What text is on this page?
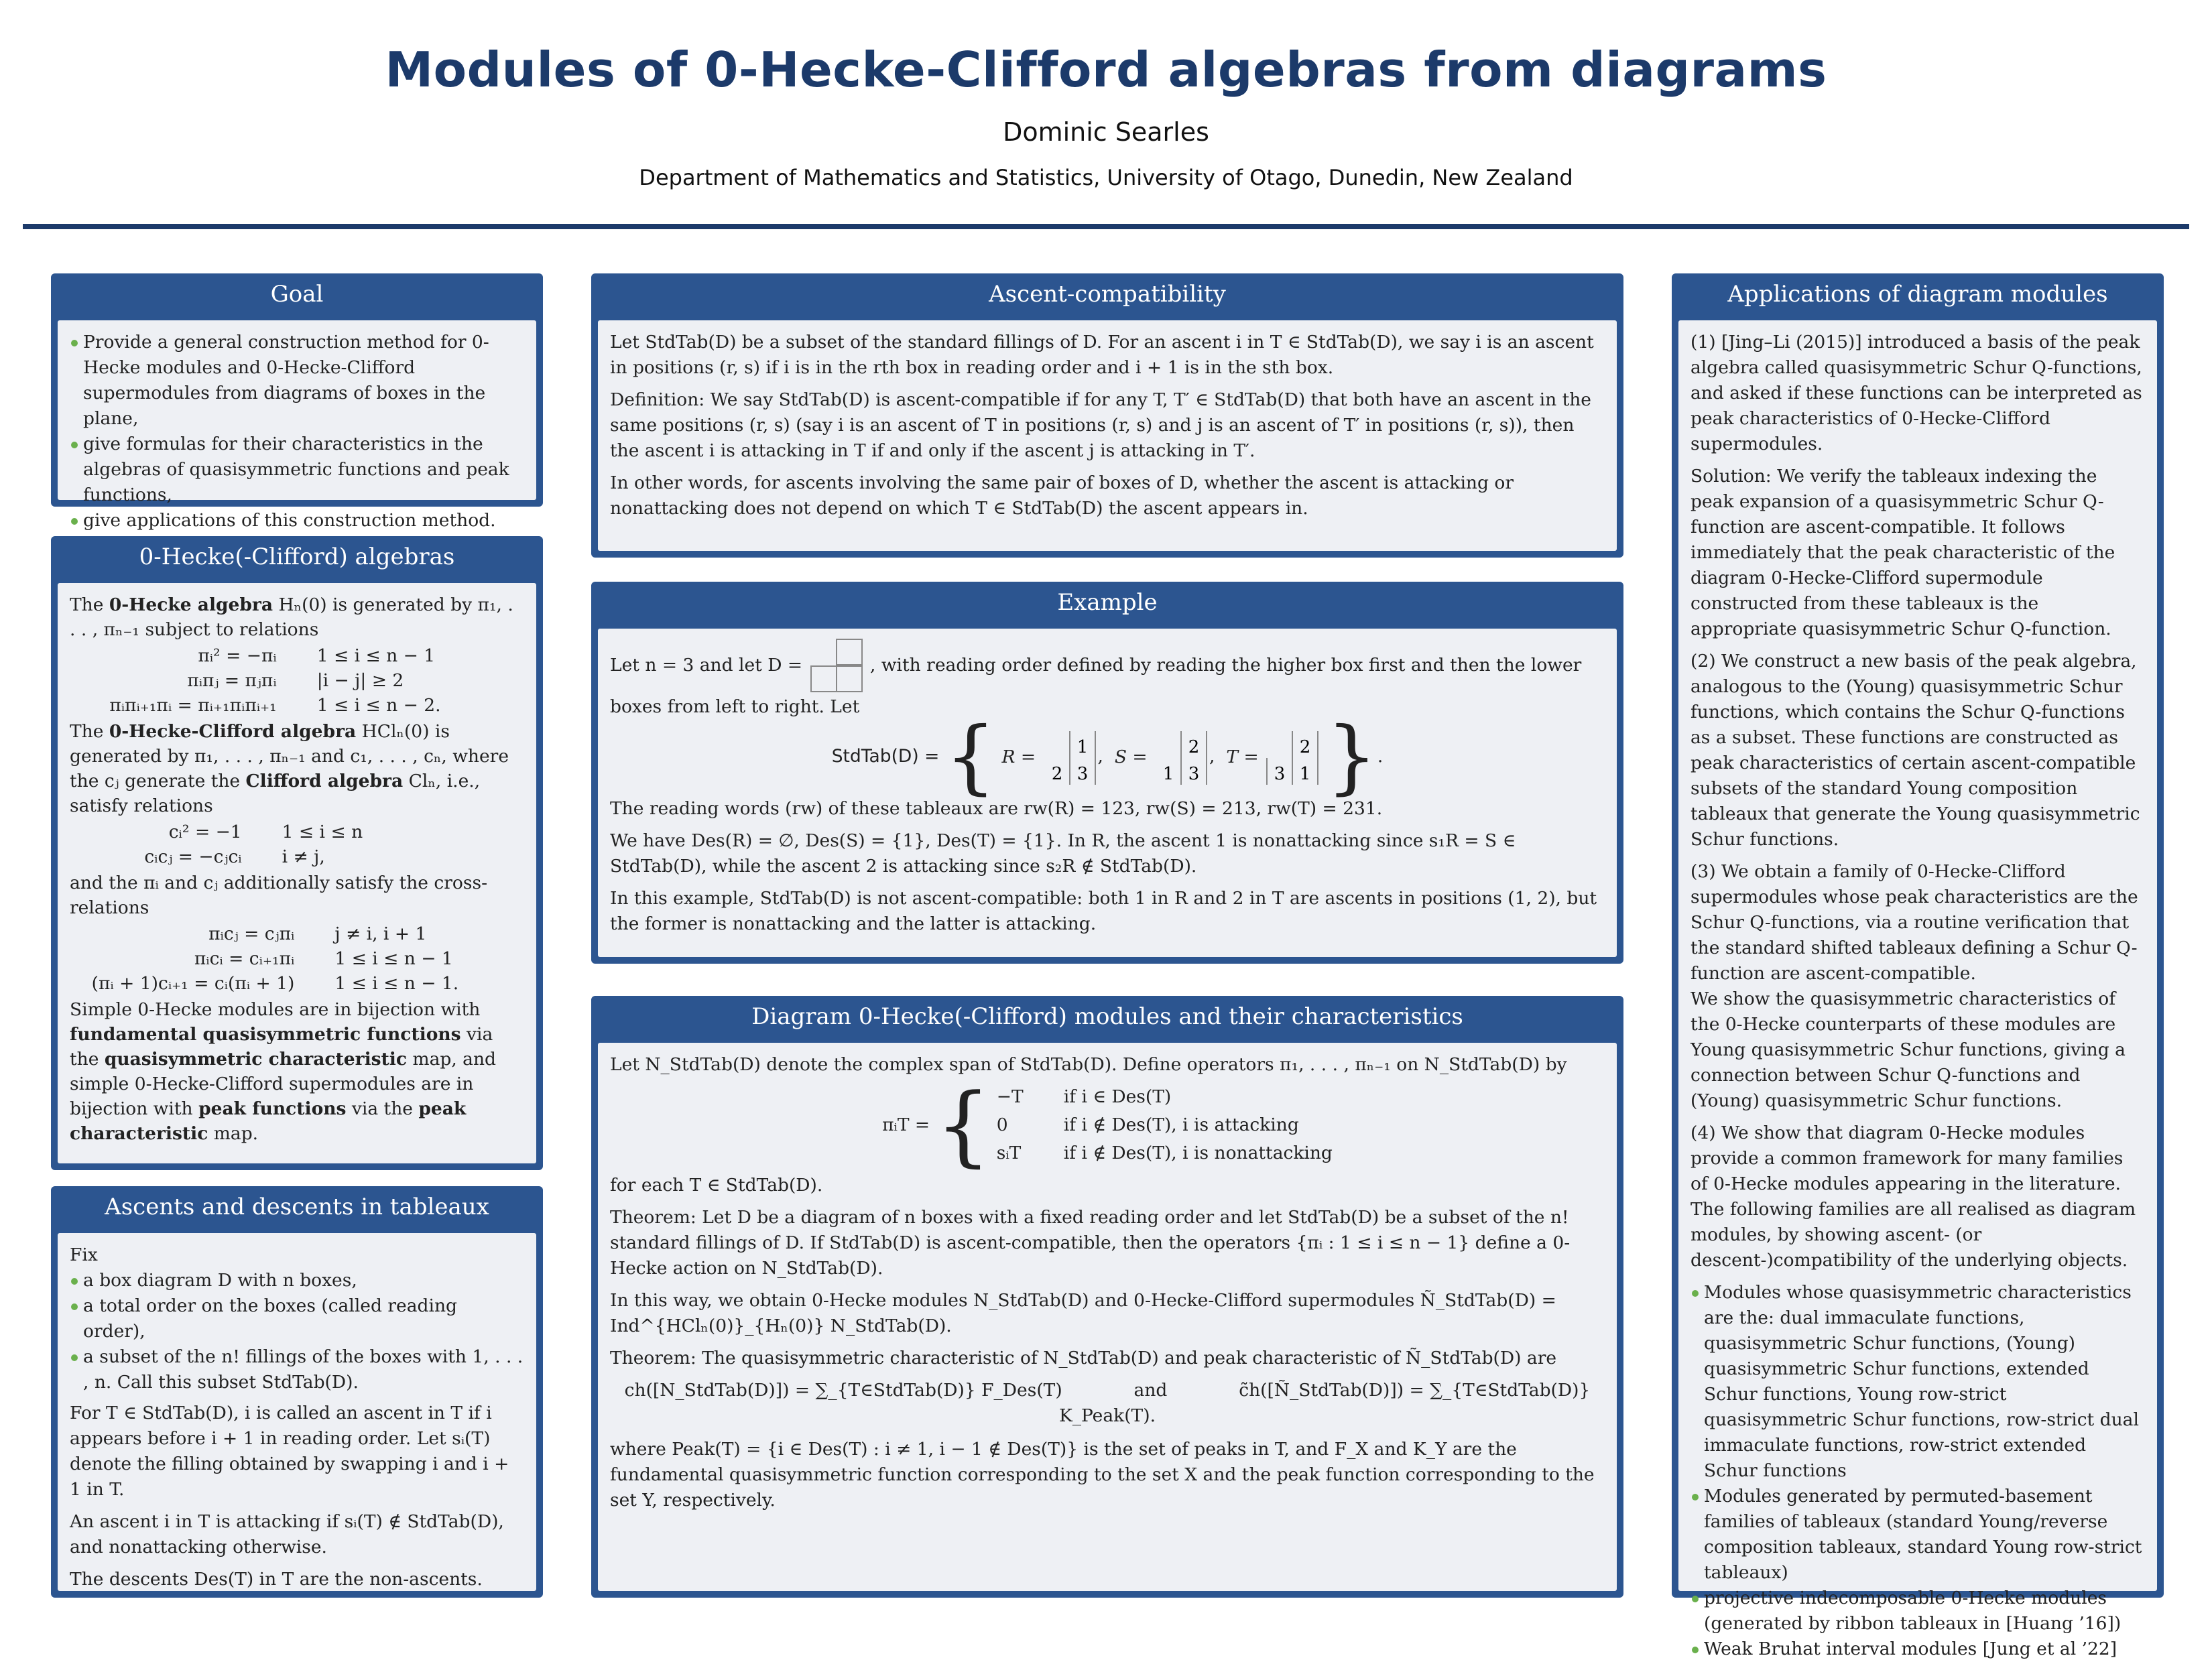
Modules of 0-Hecke-Clifford algebras from diagrams
Dominic Searles
Department of Mathematics and Statistics, University of Otago, Dunedin, New Zealand
Goal
Provide a general construction method for 0-Hecke modules and 0-Hecke-Clifford supermodules from diagrams of boxes in the plane,
give formulas for their characteristics in the algebras of quasisymmetric functions and peak functions,
give applications of this construction method.
0-Hecke(-Clifford) algebras

The 0-Hecke algebra Hₙ(0) is generated by π₁, . . . , πₙ₋₁ subject to relations

πᵢ² = −πᵢ 1 ≤ i ≤ n − 1
πᵢπⱼ = πⱼπᵢ |i − j| ≥ 2
πᵢπᵢ₊₁πᵢ = πᵢ₊₁πᵢπᵢ₊₁ 1 ≤ i ≤ n − 2.

The 0-Hecke-Clifford algebra HClₙ(0) is generated by π₁, . . . , πₙ₋₁ and c₁, . . . , cₙ, where the cⱼ generate the Clifford algebra Clₙ, i.e., satisfy relations

cᵢ² = −1 1 ≤ i ≤ n
cᵢcⱼ = −cⱼcᵢ i ≠ j,

and the πᵢ and cⱼ additionally satisfy the cross-relations

πᵢcⱼ = cⱼπᵢ j ≠ i, i + 1
πᵢcᵢ = cᵢ₊₁πᵢ 1 ≤ i ≤ n − 1
(πᵢ + 1)cᵢ₊₁ = cᵢ(πᵢ + 1) 1 ≤ i ≤ n − 1.

Simple 0-Hecke modules are in bijection with fundamental quasisymmetric functions via the quasisymmetric characteristic map, and simple 0-Hecke-Clifford supermodules are in bijection with peak functions via the peak characteristic map.

Ascents and descents in tableaux

Fix

a box diagram D with n boxes,
a total order on the boxes (called reading order),
a subset of the n! fillings of the boxes with 1, . . . , n. Call this subset StdTab(D).

For T ∈ StdTab(D), i is called an ascent in T if i appears before i + 1 in reading order. Let sᵢ(T) denote the filling obtained by swapping i and i + 1 in T.

An ascent i in T is attacking if sᵢ(T) ∉ StdTab(D), and nonattacking otherwise.

The descents Des(T) in T are the non-ascents.

Ascent-compatibility

Let StdTab(D) be a subset of the standard fillings of D. For an ascent i in T ∈ StdTab(D), we say i is an ascent in positions (r, s) if i is in the rth box in reading order and i + 1 is in the sth box.

Definition: We say StdTab(D) is ascent-compatible if for any T, T′ ∈ StdTab(D) that both have an ascent in the same positions (r, s) (say i is an ascent of T in positions (r, s) and j is an ascent of T′ in positions (r, s)), then the ascent i is attacking in T if and only if the ascent j is attacking in T′.

In other words, for ascents involving the same pair of boxes of D, whether the ascent is attacking or nonattacking does not depend on which T ∈ StdTab(D) the ascent appears in.

Example

Let n = 3 and let D =	, with reading order defined by reading the higher box first and then the lower boxes from left to right. Let

StdTab(D) = { R = 1
2 3
,  S = 2
1 3
,  T = 2
3 1 }.

The reading words (rw) of these tableaux are rw(R) = 123, rw(S) = 213, rw(T) = 231.

We have Des(R) = ∅, Des(S) = {1}, Des(T) = {1}. In R, the ascent 1 is nonattacking since s₁R = S ∈ StdTab(D), while the ascent 2 is attacking since s₂R ∉ StdTab(D).

In this example, StdTab(D) is not ascent-compatible: both 1 in R and 2 in T are ascents in positions (1, 2), but the former is nonattacking and the latter is attacking.

Diagram 0-Hecke(-Clifford) modules and their characteristics

Let N_StdTab(D) denote the complex span of StdTab(D). Define operators π₁, . . . , πₙ₋₁ on N_StdTab(D) by

πᵢT = { −T	if i ∈ Des(T)
0	if i ∉ Des(T), i is attacking
sᵢT	if i ∉ Des(T), i is nonattacking

for each T ∈ StdTab(D).

Theorem: Let D be a diagram of n boxes with a fixed reading order and let StdTab(D) be a subset of the n! standard fillings of D. If StdTab(D) is ascent-compatible, then the operators {πᵢ : 1 ≤ i ≤ n − 1} define a 0-Hecke action on N_StdTab(D).

In this way, we obtain 0-Hecke modules N_StdTab(D) and 0-Hecke-Clifford supermodules Ñ_StdTab(D) = Ind^{HClₙ(0)}_{Hₙ(0)} N_StdTab(D).

Theorem: The quasisymmetric characteristic of N_StdTab(D) and peak characteristic of Ñ_StdTab(D) are

ch([N_StdTab(D)]) = ∑_{T∈StdTab(D)} F_Des(T)	and	c̃h([Ñ_StdTab(D)]) = ∑_{T∈StdTab(D)} K_Peak(T).

where Peak(T) = {i ∈ Des(T) : i ≠ 1, i − 1 ∉ Des(T)} is the set of peaks in T, and F_X and K_Y are the fundamental quasisymmetric function corresponding to the set X and the peak function corresponding to the set Y, respectively.

Applications of diagram modules

(1) [Jing–Li (2015)] introduced a basis of the peak algebra called quasisymmetric Schur Q-functions, and asked if these functions can be interpreted as peak characteristics of 0-Hecke-Clifford supermodules.

Solution: We verify the tableaux indexing the peak expansion of a quasisymmetric Schur Q-function are ascent-compatible. It follows immediately that the peak characteristic of the diagram 0-Hecke-Clifford supermodule constructed from these tableaux is the appropriate quasisymmetric Schur Q-function.

(2) We construct a new basis of the peak algebra, analogous to the (Young) quasisymmetric Schur functions, which contains the Schur Q-functions as a subset. These functions are constructed as peak characteristics of certain ascent-compatible subsets of the standard Young composition tableaux that generate the Young quasisymmetric Schur functions.

(3) We obtain a family of 0-Hecke-Clifford supermodules whose peak characteristics are the Schur Q-functions, via a routine verification that the standard shifted tableaux defining a Schur Q-function are ascent-compatible.

We show the quasisymmetric characteristics of the 0-Hecke counterparts of these modules are Young quasisymmetric Schur functions, giving a connection between Schur Q-functions and (Young) quasisymmetric Schur functions.

(4) We show that diagram 0-Hecke modules provide a common framework for many families of 0-Hecke modules appearing in the literature. The following families are all realised as diagram modules, by showing ascent- (or descent-)compatibility of the underlying objects.

Modules whose quasisymmetric characteristics are the: dual immaculate functions, quasisymmetric Schur functions, (Young) quasisymmetric Schur functions, extended Schur functions, Young row-strict quasisymmetric Schur functions, row-strict dual immaculate functions, row-strict extended Schur functions
Modules generated by permuted-basement families of tableaux (standard Young/reverse composition tableaux, standard Young row-strict tableaux)
projective indecomposable 0-Hecke modules (generated by ribbon tableaux in [Huang ’16])
Weak Bruhat interval modules [Jung et al ’22]
